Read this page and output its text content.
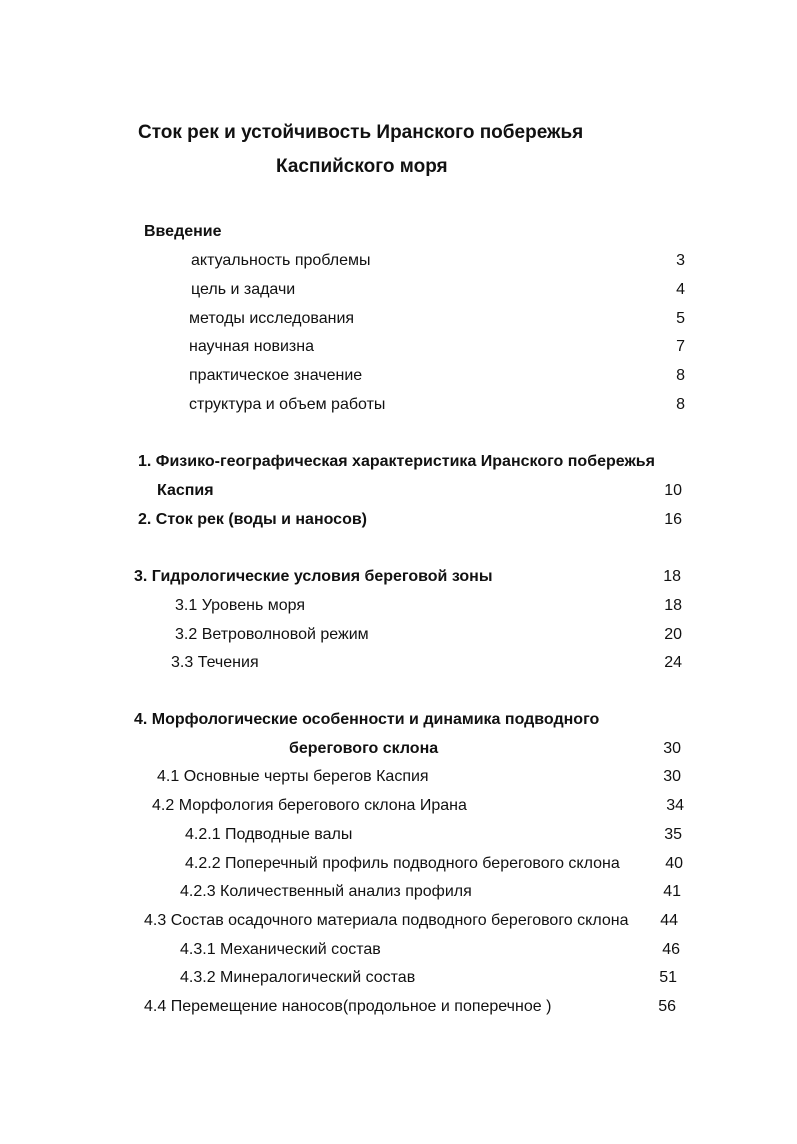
Сток рек и устойчивость Иранского побережья
Каспийского моря
Введение
актуальность проблемы	3
цель и задачи	4
методы исследования	5
научная новизна	7
практическое значение	8
структура и объем работы	8
1. Физико-географическая характеристика Иранского побережья
Каспия	10
2. Сток рек (воды и наносов)	16
3. Гидрологические условия береговой зоны	18
3.1 Уровень моря	18
3.2 Ветроволновой режим	20
3.3 Течения	24
4. Морфологические особенности и динамика подводного
берегового склона	30
4.1 Основные черты берегов Каспия	30
4.2 Морфология берегового склона Ирана	34
4.2.1 Подводные валы	35
4.2.2 Поперечный профиль подводного берегового склона	40
4.2.3 Количественный анализ профиля	41
4.3 Состав осадочного материала подводного берегового склона	44
4.3.1 Механический состав	46
4.3.2 Минералогический состав	51
4.4 Перемещение наносов(продольное и поперечное )	56
